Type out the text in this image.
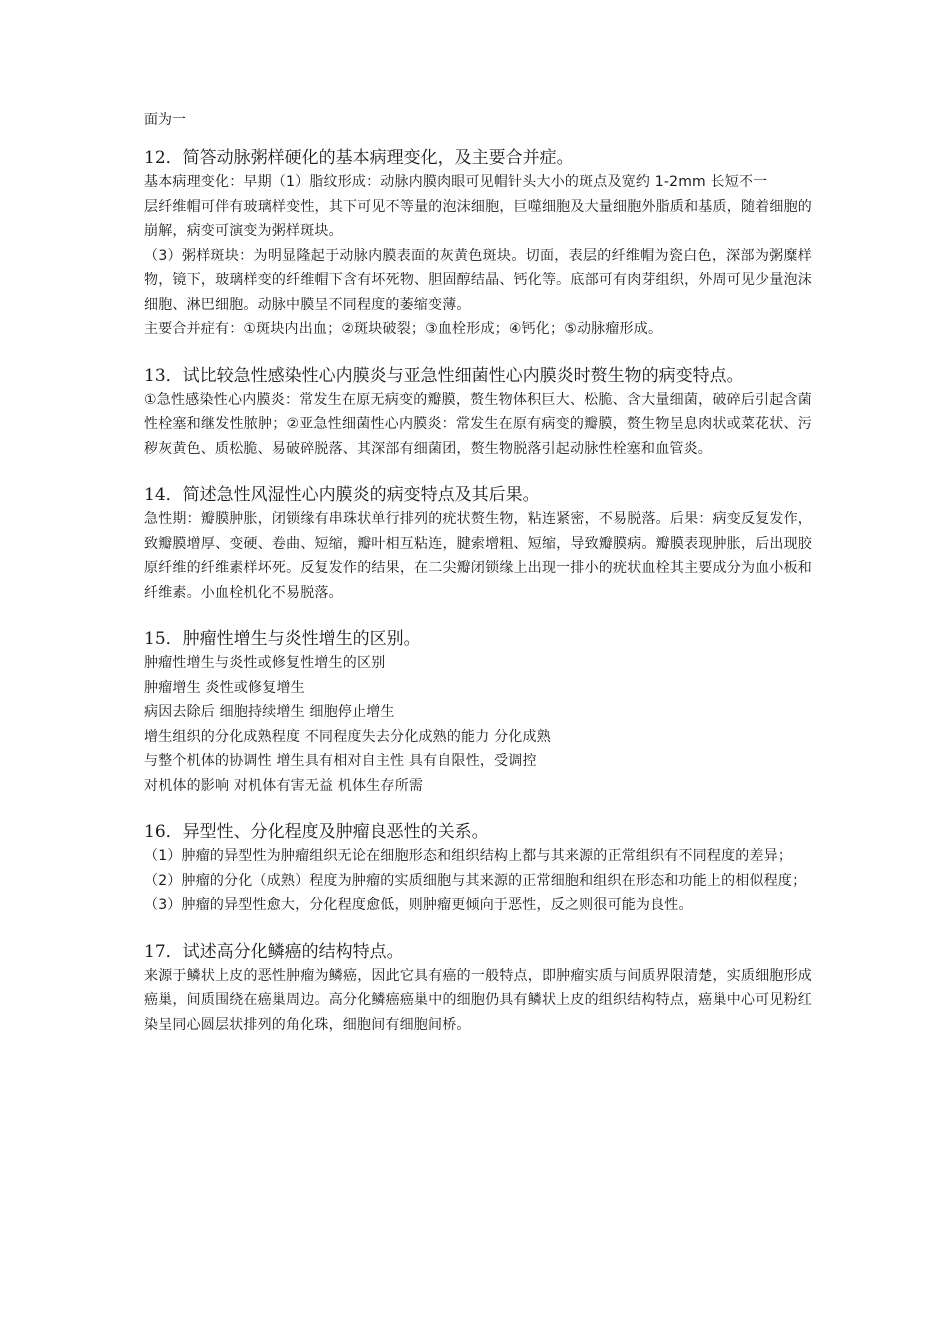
面为一

12．简答动脉粥样硬化的基本病理变化，及主要合并症。

基本病理变化：早期（1）脂纹形成：动脉内膜肉眼可见帽针头大小的斑点及宽约 1-2mm 长短不一

层纤维帽可伴有玻璃样变性，其下可见不等量的泡沫细胞，巨噬细胞及大量细胞外脂质和基质，随着细胞的崩解，病变可演变为粥样斑块。

（3）粥样斑块：为明显隆起于动脉内膜表面的灰黄色斑块。切面，表层的纤维帽为瓷白色，深部为粥糜样物，镜下，玻璃样变的纤维帽下含有坏死物、胆固醇结晶、钙化等。底部可有肉芽组织，外周可见少量泡沫细胞、淋巴细胞。动脉中膜呈不同程度的萎缩变薄。

主要合并症有：①斑块内出血；②斑块破裂；③血栓形成；④钙化；⑤动脉瘤形成。

13．试比较急性感染性心内膜炎与亚急性细菌性心内膜炎时赘生物的病变特点。

①急性感染性心内膜炎：常发生在原无病变的瓣膜，赘生物体积巨大、松脆、含大量细菌，破碎后引起含菌性栓塞和继发性脓肿；②亚急性细菌性心内膜炎：常发生在原有病变的瓣膜，赘生物呈息肉状或菜花状、污秽灰黄色、质松脆、易破碎脱落、其深部有细菌团，赘生物脱落引起动脉性栓塞和血管炎。

14．简述急性风湿性心内膜炎的病变特点及其后果。

急性期：瓣膜肿胀，闭锁缘有串珠状单行排列的疣状赘生物，粘连紧密，不易脱落。后果：病变反复发作，致瓣膜增厚、变硬、卷曲、短缩，瓣叶相互粘连，腱索增粗、短缩，导致瓣膜病。瓣膜表现肿胀，后出现胶原纤维的纤维素样坏死。反复发作的结果，在二尖瓣闭锁缘上出现一排小的疣状血栓其主要成分为血小板和纤维素。小血栓机化不易脱落。

15．肿瘤性增生与炎性增生的区别。

肿瘤性增生与炎性或修复性增生的区别

肿瘤增生 炎性或修复增生

病因去除后 细胞持续增生 细胞停止增生

增生组织的分化成熟程度 不同程度失去分化成熟的能力 分化成熟

与整个机体的协调性 增生具有相对自主性 具有自限性，受调控

对机体的影响 对机体有害无益 机体生存所需

16．异型性、分化程度及肿瘤良恶性的关系。

（1）肿瘤的异型性为肿瘤组织无论在细胞形态和组织结构上都与其来源的正常组织有不同程度的差异；

（2）肿瘤的分化（成熟）程度为肿瘤的实质细胞与其来源的正常细胞和组织在形态和功能上的相似程度；

（3）肿瘤的异型性愈大，分化程度愈低，则肿瘤更倾向于恶性，反之则很可能为良性。

17．试述高分化鳞癌的结构特点。

来源于鳞状上皮的恶性肿瘤为鳞癌，因此它具有癌的一般特点，即肿瘤实质与间质界限清楚，实质细胞形成癌巢，间质围绕在癌巢周边。高分化鳞癌癌巢中的细胞仍具有鳞状上皮的组织结构特点，癌巢中心可见粉红染呈同心圆层状排列的角化珠，细胞间有细胞间桥。
